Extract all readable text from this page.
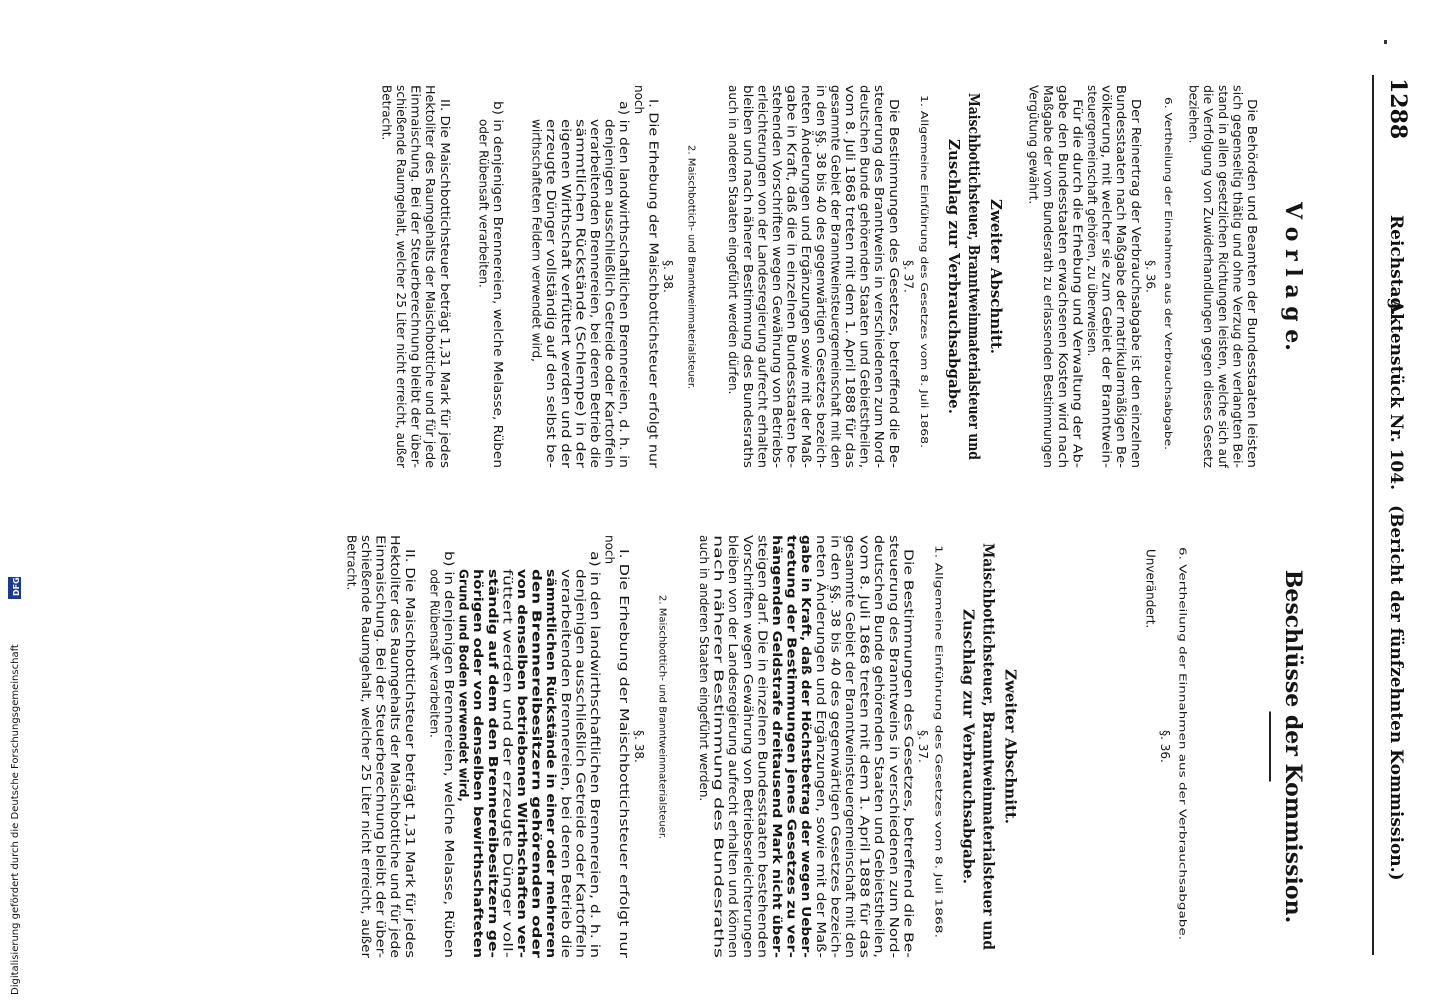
1288
Reichstag.
Aktenstück Nr. 104.
(Bericht der fünfzehnten Kommission.)
V o r l a g e.
Die Behörden und Beamten der Bundesstaaten leisten
sich gegenseitig thätig und ohne Verzug den verlangten Bei-
stand in allen gesetzlichen Richtungen leisten, welche sich auf
die Verfolgung von Zuwiderhandlungen gegen dieses Gesetz
beziehen.
6. Vertheilung der Einnahmen aus der Verbrauchsabgabe.
§. 36.
Der Reinertrag der Verbrauchsabgabe ist den einzelnen
Bundesstaaten nach Maßgabe der matrikularmäßigen Be-
völkerung, mit welcher sie zum Gebiet der Branntwein-
steuergemeinschaft gehören, zu überweisen.
Für die durch die Erhebung und Verwaltung der Ab-
gabe den Bundesstaaten erwachsenen Kosten wird nach
Maßgabe der vom Bundesrath zu erlassenden Bestimmungen
Vergütung gewährt.
Zweiter Abschnitt.
Maischbottichsteuer, Branntweinmaterialsteuer und
Zuschlag zur Verbrauchsabgabe.
1. Allgemeine Einführung des Gesetzes vom 8. Juli 1868.
§. 37.
Die Bestimmungen des Gesetzes, betreffend die Be-
steuerung des Branntweins in verschiedenen zum Nord-
deutschen Bunde gehörenden Staaten und Gebietstheilen,
vom 8. Juli 1868 treten mit dem 1. April 1888 für das
gesammte Gebiet der Branntweinsteuergemeinschaft mit den
in den §§. 38 bis 40 des gegenwärtigen Gesetzes bezeich-
neten Änderungen und Ergänzungen sowie mit der Maß-
gabe in Kraft, daß die in einzelnen Bundesstaaten be-
stehenden Vorschriften wegen Gewährung von Betriebs-
erleichterungen von der Landesregierung aufrecht erhalten
bleiben und nach näherer Bestimmung des Bundesraths
auch in anderen Staaten eingeführt werden dürfen.
2. Maischbottich- und Branntweinmaterialsteuer.
§. 38.
I. Die Erhebung der Maischbottichsteuer erfolgt nur
noch
a) in den landwirthschaftlichen Brennereien, d. h. in
denjenigen ausschließlich Getreide oder Kartoffeln
verarbeitenden Brennereien, bei deren Betrieb die
sämmtlichen Rückstände (Schlempe) in der
eigenen Wirthschaft verfüttert werden und der
erzeugte Dünger vollständig auf den selbst be-
wirthschafteten Feldern verwendet wird,
b) in denjenigen Brennereien, welche Melasse, Rüben
oder Rübensaft verarbeiten.
II. Die Maischbottichsteuer beträgt 1,31 Mark für jedes
Hektoliter des Raumgehalts der Maischbottiche und für jede
Einmaischung. Bei der Steuerberechnung bleibt der über-
schießende Raumgehalt, welcher 25 Liter nicht erreicht, außer
Betracht.
Beschlüsse der Kommission.
6. Vertheilung der Einnahmen aus der Verbrauchsabgabe.
§. 36.
Unverändert.
Zweiter Abschnitt.
Maischbottichsteuer, Branntweinmaterialsteuer und
Zuschlag zur Verbrauchsabgabe.
1. Allgemeine Einführung des Gesetzes vom 8. Juli 1868.
§. 37.
Die Bestimmungen des Gesetzes, betreffend die Be-
steuerung des Branntweins in verschiedenen zum Nord-
deutschen Bunde gehörenden Staaten und Gebietstheilen,
vom 8. Juli 1868 treten mit dem 1. April 1888 für das
gesammte Gebiet der Branntweinsteuergemeinschaft mit den
in den §§. 38 bis 40 des gegenwärtigen Gesetzes bezeich-
neten Änderungen und Ergänzungen, sowie mit der Maß-
gabe in Kraft, daß der Höchstbetrag der wegen Ueber-
tretung der Bestimmungen jenes Gesetzes zu ver-
hängenden Geldstrafe dreitausend Mark nicht über-
steigen darf. Die in einzelnen Bundesstaaten bestehenden
Vorschriften wegen Gewährung von Betriebserleichterungen
bleiben von der Landesregierung aufrecht erhalten und können
nach näherer Bestimmung des Bundesraths
auch in anderen Staaten eingeführt werden.
2. Maischbottich- und Branntweinmaterialsteuer.
§. 38.
I. Die Erhebung der Maischbottichsteuer erfolgt nur
noch
a) in den landwirthschaftlichen Brennereien, d. h. in
denjenigen ausschließlich Getreide oder Kartoffeln
verarbeitenden Brennereien, bei deren Betrieb die
sämmtlichen Rückstände in einer oder mehreren
den Brennereibesitzern gehörenden oder
von denselben betriebenen Wirthschaften ver-
füttert werden und der erzeugte Dünger voll-
ständig auf dem den Brennereibesitzern ge-
hörigen oder von denselben bewirthschafteten
Grund und Boden verwendet wird,
b) in denjenigen Brennereien, welche Melasse, Rüben
oder Rübensaft verarbeiten.
II. Die Maischbottichsteuer beträgt 1,31 Mark für jedes
Hektoliter des Raumgehalts der Maischbottiche und für jede
Einmaischung. Bei der Steuerberechnung bleibt der über-
schießende Raumgehalt, welcher 25 Liter nicht erreicht, außer
Betracht.
Digitalisierung gefördert durch die Deutsche Forschungsgemeinschaft
DFG
